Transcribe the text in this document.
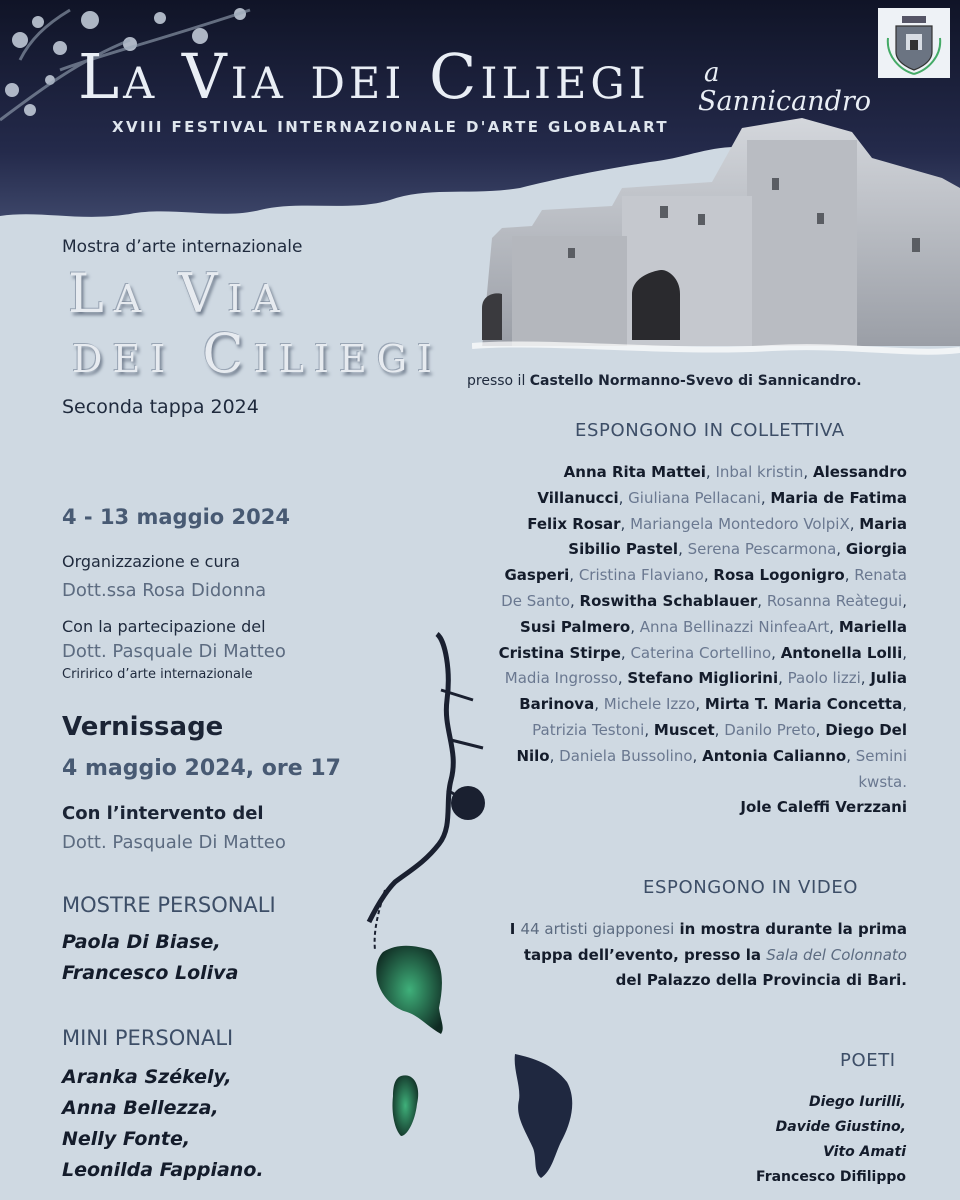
La Via dei Ciliegi a
Sannicandro
XVIII FESTIVAL INTERNAZIONALE D'ARTE GLOBALART
Mostra d’arte internazionale
La Via
dei Ciliegi
Seconda tappa 2024
4 - 13 maggio 2024
Organizzazione e cura
Dott.ssa Rosa Didonna
Con la partecipazione del
Dott. Pasquale Di Matteo
Criririco d’arte internazionale
Vernissage
4 maggio 2024, ore 17
Con l’intervento del
Dott. Pasquale Di Matteo
MOSTRE PERSONALI
Paola Di Biase,
Francesco Loliva
MINI PERSONALI
Aranka Székely,
Anna Bellezza,
Nelly Fonte,
Leonilda Fappiano.
presso il Castello Normanno-Svevo di Sannicandro.
ESPONGONO IN COLLETTIVA
Anna Rita Mattei, Inbal kristin, Alessandro Villanucci, Giuliana Pellacani, Maria de Fatima Felix Rosar, Mariangela Montedoro VolpiX, Maria Sibilio Pastel, Serena Pescarmona, Giorgia Gasperi, Cristina Flaviano, Rosa Logonigro, Renata De Santo, Roswitha Schablauer, Rosanna Reàtegui, Susi Palmero, Anna Bellinazzi NinfeaArt, Mariella Cristina Stirpe, Caterina Cortellino, Antonella Lolli, Madia Ingrosso, Stefano Migliorini, Paolo lizzi, Julia Barinova, Michele Izzo, Mirta T. Maria Concetta, Patrizia Testoni, Muscet, Danilo Preto, Diego Del Nilo, Daniela Bussolino, Antonia Calianno, Semini kwsta.
Jole Caleffi Verzzani
ESPONGONO IN VIDEO
I 44 artisti giapponesi in mostra durante la prima tappa dell’evento, presso la Sala del Colonnato del Palazzo della Provincia di Bari.
POETI
Diego Iurilli,
Davide Giustino,
Vito Amati
Francesco Difilippo
